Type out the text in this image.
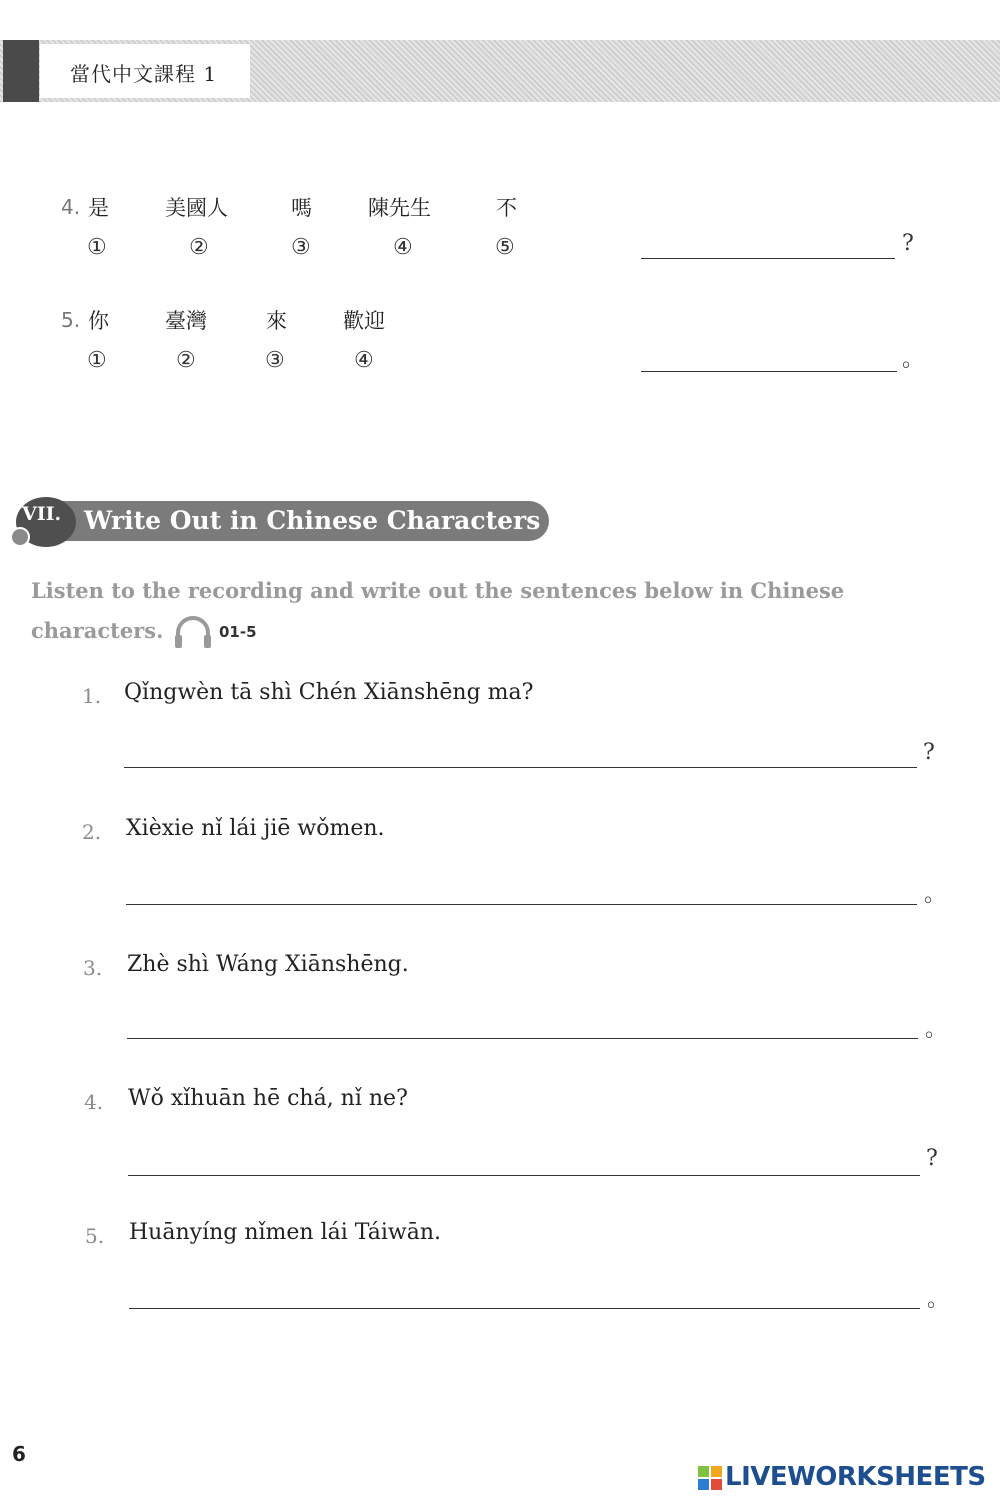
當代中文課程 1
4. 是	美國人	嗎	陳先生	不
①	②	③	④	⑤	?
5. 你	臺灣	來	歡迎
①	②	③	④	。
VII. Write Out in Chinese Characters
Listen to the recording and write out the sentences below in Chinese
characters.	01-5
1. Qǐngwèn tā shì Chén Xiānshēng ma?
?
2. Xièxie nǐ lái jiē wǒmen.
。
3. Zhè shì Wáng Xiānshēng.
。
4. Wǒ xǐhuān hē chá, nǐ ne?
?
5. Huānyíng nǐmen lái Táiwān.
。
6
LIVEWORKSHEETS
